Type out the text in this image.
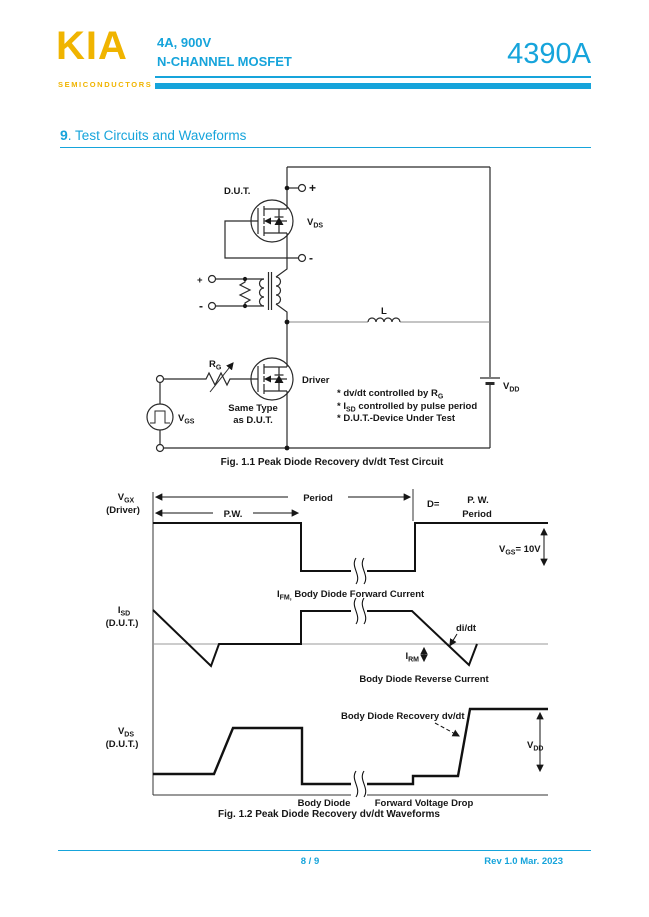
KIA
SEMICONDUCTORS
4A, 900V
N-CHANNEL MOSFET	4390A
9. Test Circuits and Waveforms
D.U.T.	+
$V_{DS}$
-
+
-	L
$R_G$
Driver
Same Type
as D.U.T.
$V_{GS}$
$V_{DD}$
* dv/dt controlled by $R_G$
* $I_{SD}$ controlled by pulse period
* D.U.T.-Device Under Test
Fig. 1.1 Peak Diode Recovery dv/dt Test Circuit
$V_{GX}$
(Driver)	P.W.
Period
D=	P. W.
Period
$V_{GS}= 10V$
$I_{SD}$
(D.U.T.)
$I_{FM,}$ Body Diode Forward Current
di/dt
$I_{RM}$
Body Diode Reverse Current
$V_{DS}$
(D.U.T.)
Body Diode Recovery dv/dt
$V_{DD}$
Body Diode	Forward Voltage Drop
Fig. 1.2 Peak Diode Recovery dv/dt Waveforms
8 / 9	Rev 1.0 Mar. 2023
